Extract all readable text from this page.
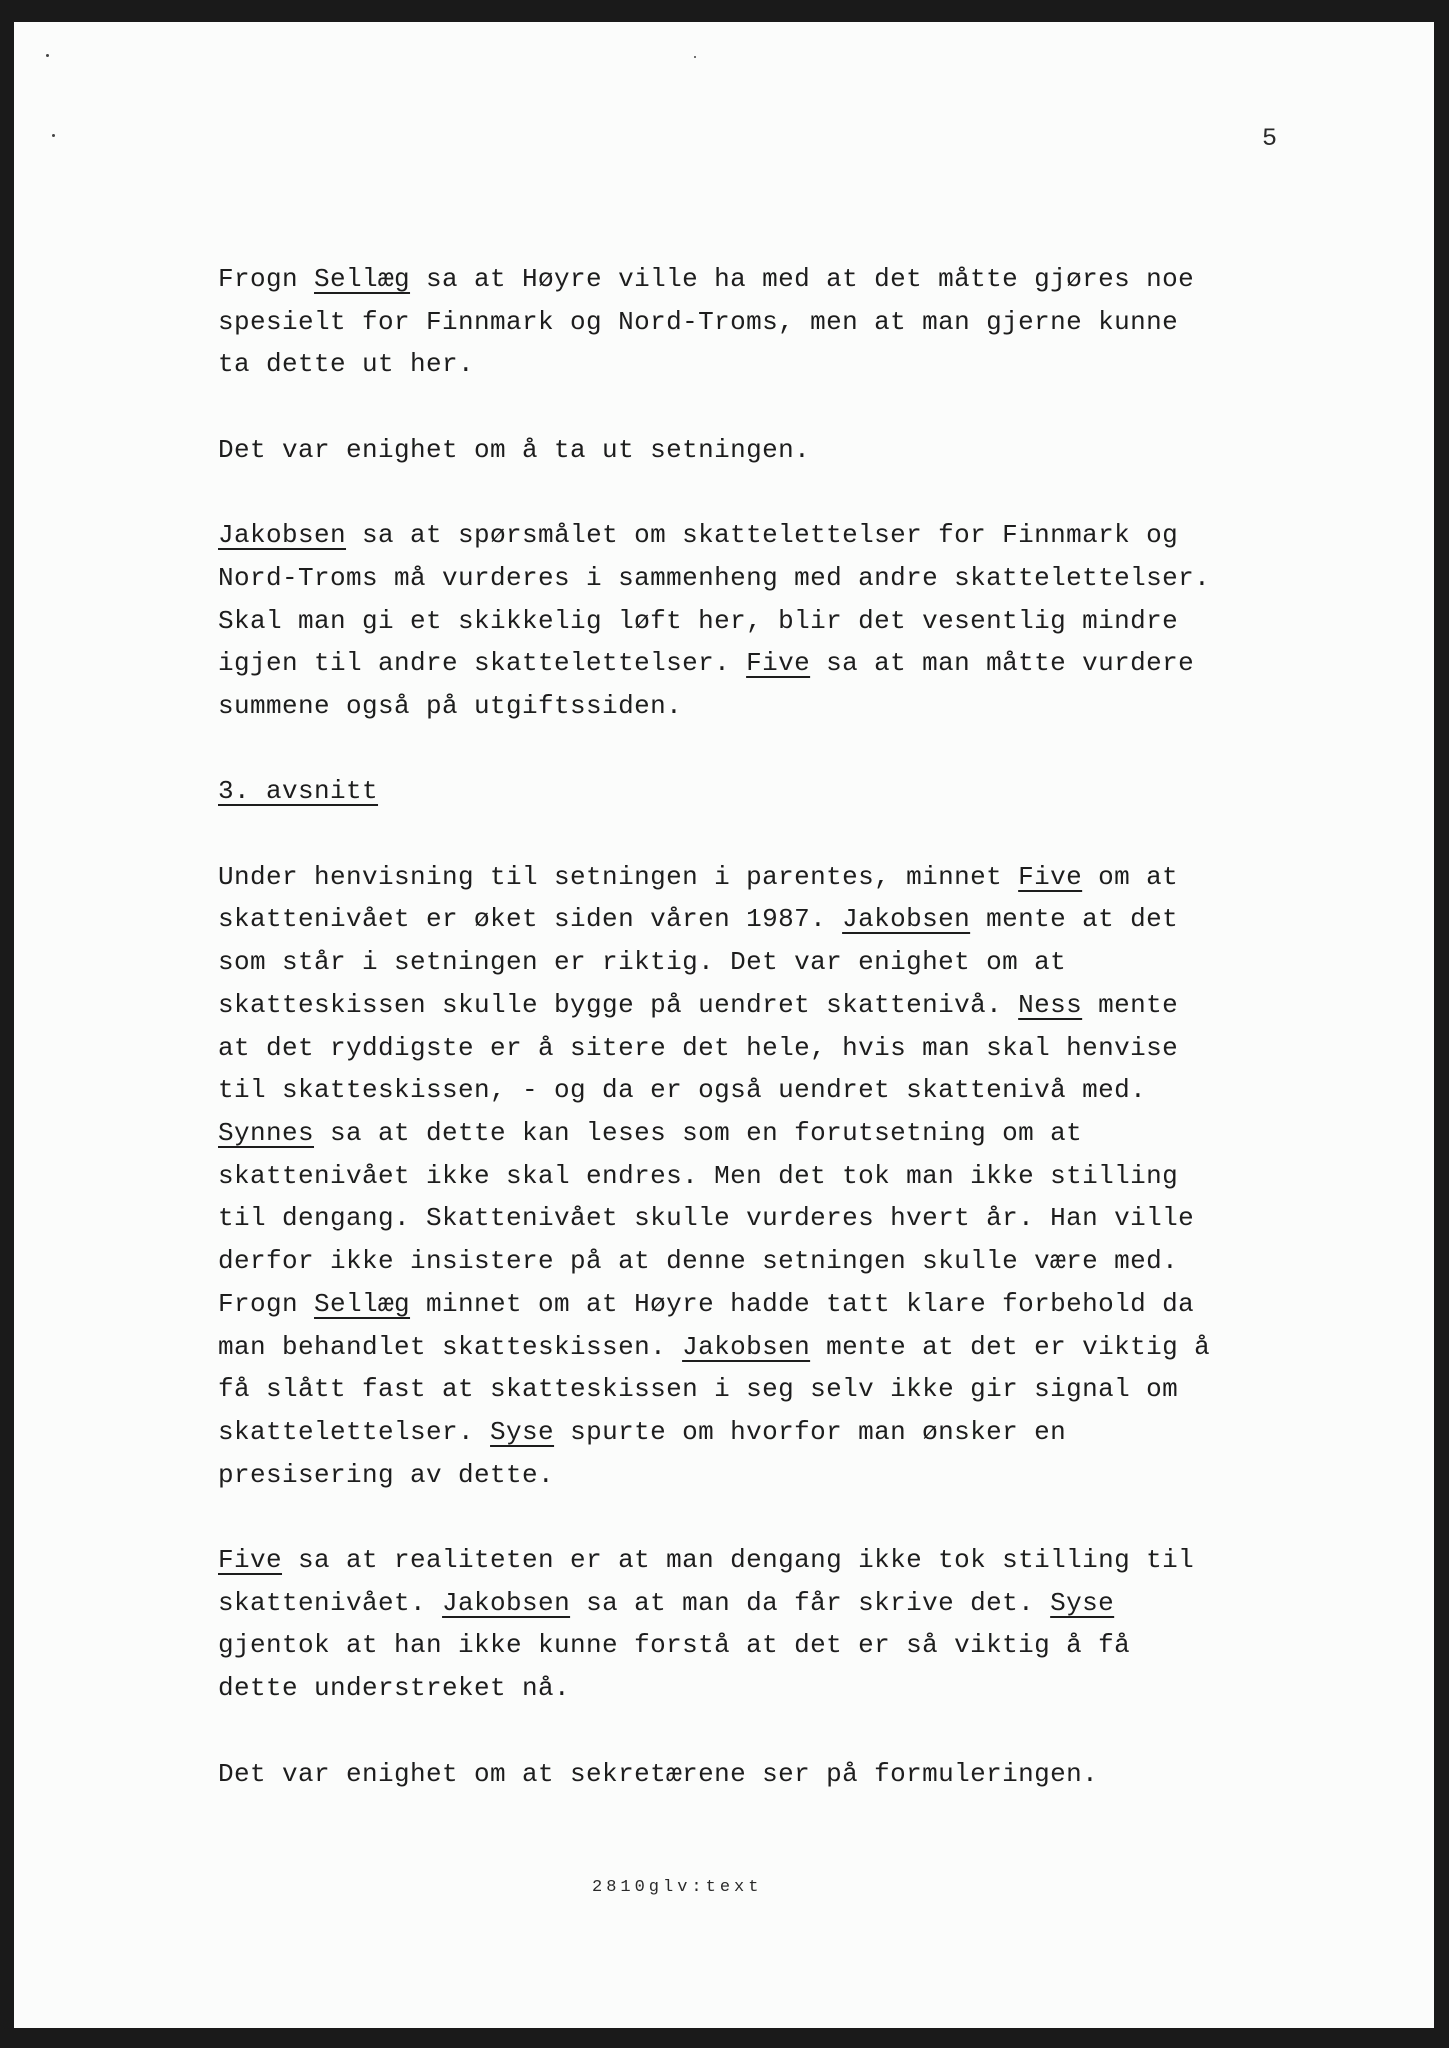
5
Frogn Sellæg sa at Høyre ville ha med at det måtte gjøres noe
spesielt for Finnmark og Nord-Troms, men at man gjerne kunne
ta dette ut her.
Det var enighet om å ta ut setningen.
Jakobsen sa at spørsmålet om skattelettelser for Finnmark og
Nord-Troms må vurderes i sammenheng med andre skattelettelser.
Skal man gi et skikkelig løft her, blir det vesentlig mindre
igjen til andre skattelettelser. Five sa at man måtte vurdere
summene også på utgiftssiden.
3. avsnitt
Under henvisning til setningen i parentes, minnet Five om at
skattenivået er øket siden våren 1987. Jakobsen mente at det
som står i setningen er riktig. Det var enighet om at
skatteskissen skulle bygge på uendret skattenivå. Ness mente
at det ryddigste er å sitere det hele, hvis man skal henvise
til skatteskissen, - og da er også uendret skattenivå med.
Synnes sa at dette kan leses som en forutsetning om at
skattenivået ikke skal endres. Men det tok man ikke stilling
til dengang. Skattenivået skulle vurderes hvert år. Han ville
derfor ikke insistere på at denne setningen skulle være med.
Frogn Sellæg minnet om at Høyre hadde tatt klare forbehold da
man behandlet skatteskissen. Jakobsen mente at det er viktig å
få slått fast at skatteskissen i seg selv ikke gir signal om
skattelettelser. Syse spurte om hvorfor man ønsker en
presisering av dette.
Five sa at realiteten er at man dengang ikke tok stilling til
skattenivået. Jakobsen sa at man da får skrive det. Syse
gjentok at han ikke kunne forstå at det er så viktig å få
dette understreket nå.
Det var enighet om at sekretærene ser på formuleringen.
2810glv:text
